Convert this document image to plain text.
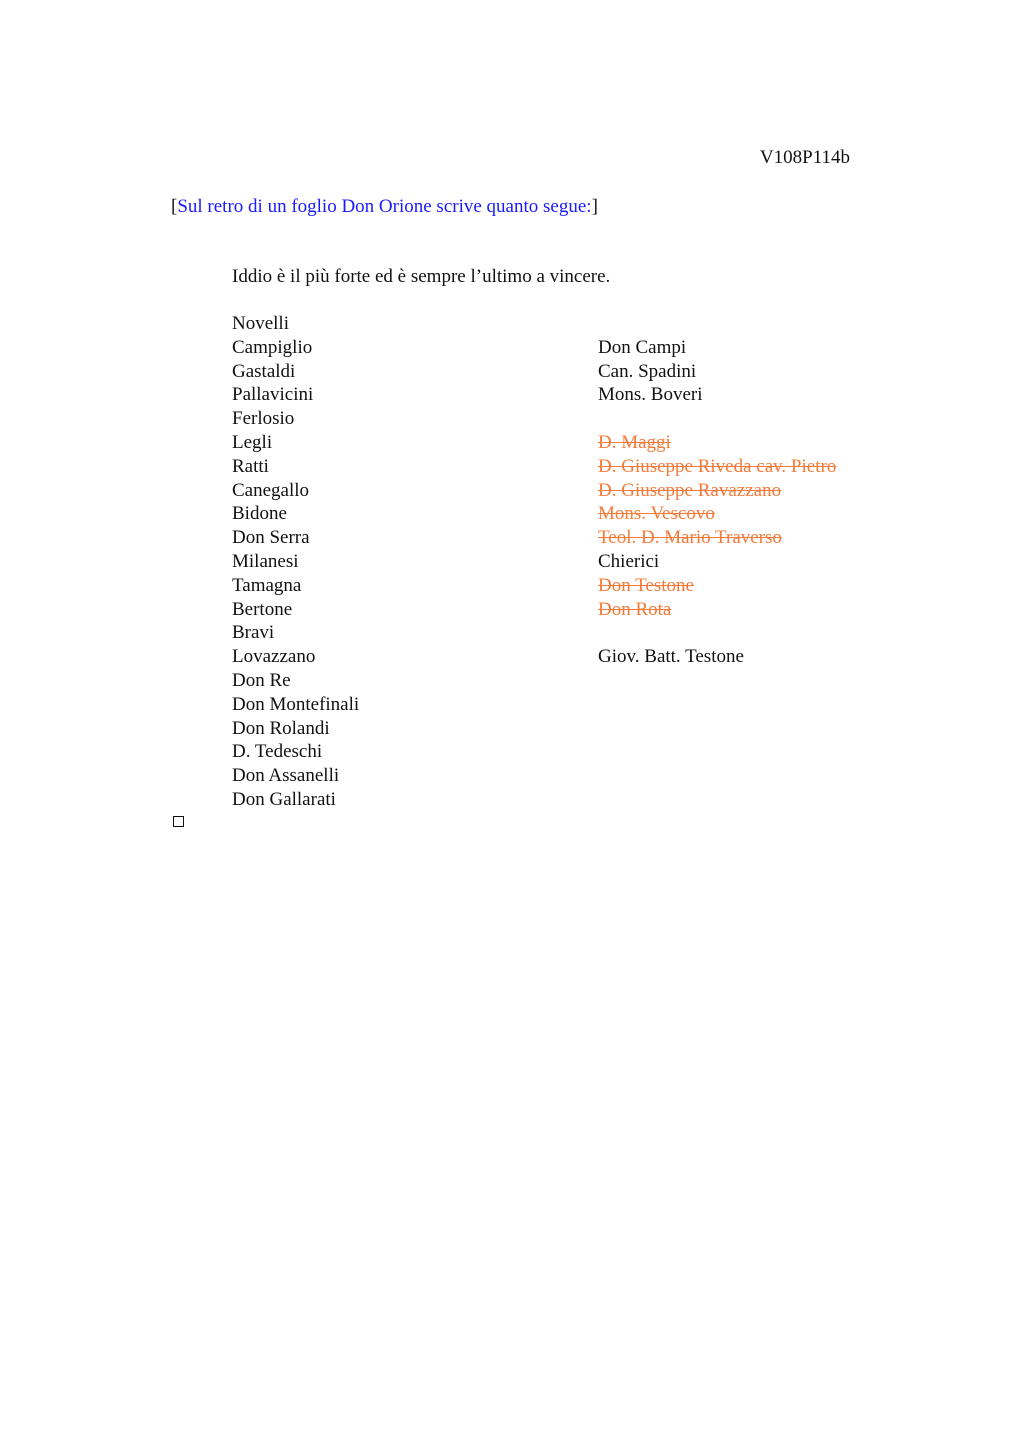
V108P114b
[Sul retro di un foglio Don Orione scrive quanto segue:]
Iddio è il più forte ed è sempre l’ultimo a vincere.
Novelli
Campiglio
Gastaldi
Pallavicini
Ferlosio
Legli
Ratti
Canegallo
Bidone
Don Serra
Milanesi
Tamagna
Bertone
Bravi
Lovazzano
Don Re
Don Montefinali
Don Rolandi
D. Tedeschi
Don Assanelli
Don Gallarati
Don Campi
Can. Spadini
Mons. Boveri
D. Maggi
D. Giuseppe Riveda cav. Pietro
D. Giuseppe Ravazzano
Mons. Vescovo
Teol. D. Mario Traverso
Chierici
Don Testone
Don Rota
Giov. Batt. Testone
